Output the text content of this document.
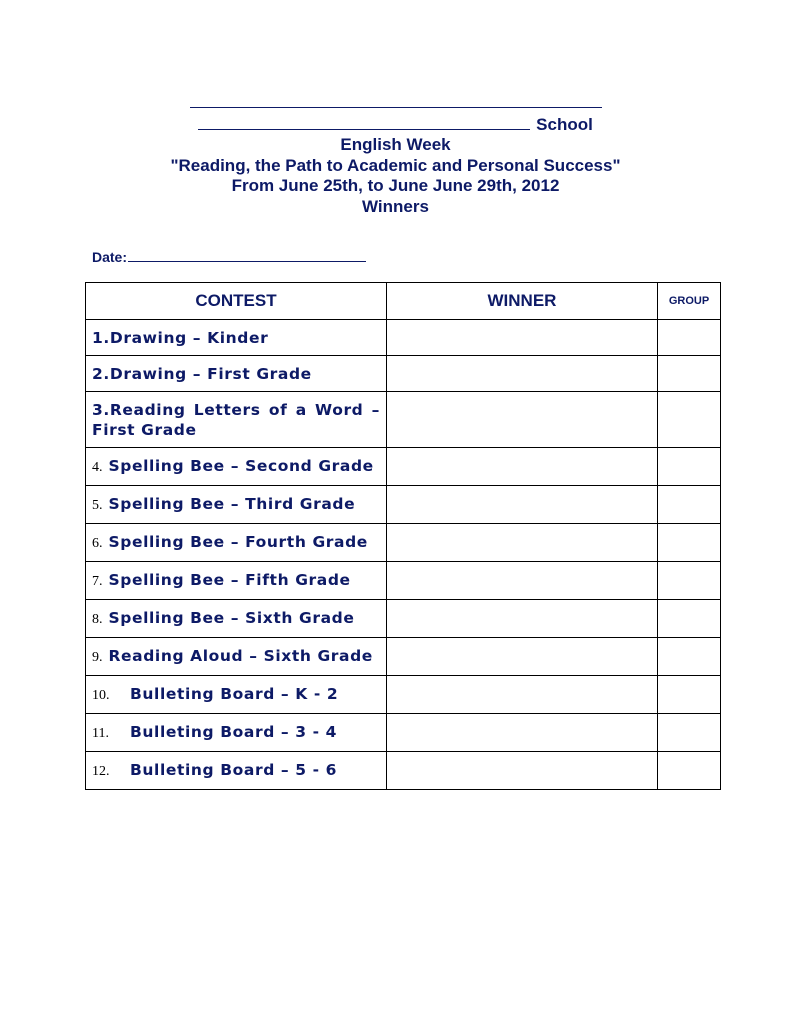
School
English Week
"Reading, the Path to Academic and Personal Success"
From June 25th, to June June 29th, 2012
Winners
Date:
CONTEST	WINNER	GROUP
1.Drawing – Kinder		
2.Drawing – First Grade		
3.Reading Letters of a Word – First Grade		
4. Spelling Bee – Second Grade		
5. Spelling Bee – Third Grade		
6. Spelling Bee – Fourth Grade		
7. Spelling Bee – Fifth Grade		
8. Spelling Bee – Sixth Grade		
9. Reading Aloud – Sixth Grade		
10. Bulleting Board – K - 2		
11. Bulleting Board – 3 - 4		
12. Bulleting Board – 5 - 6		
